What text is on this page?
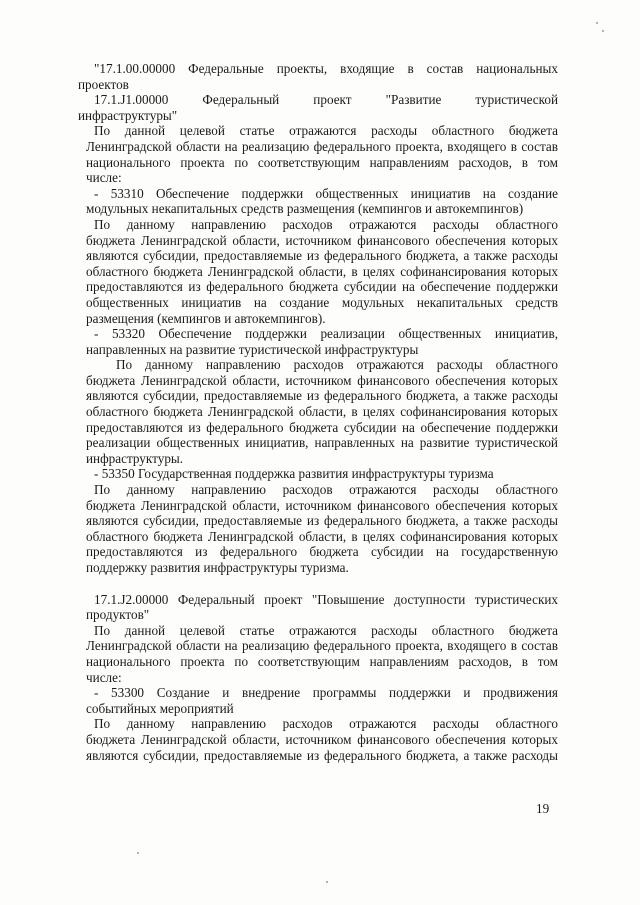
"17.1.00.00000 Федеральные проекты, входящие в состав национальных
проектов
17.1.J1.00000 Федеральный проект "Развитие туристической
инфраструктуры"
По данной целевой статье отражаются расходы областного бюджета
Ленинградской области на реализацию федерального проекта, входящего в состав
национального проекта по соответствующим направлениям расходов, в том
числе:
- 53310 Обеспечение поддержки общественных инициатив на создание
модульных некапитальных средств размещения (кемпингов и автокемпингов)
По данному направлению расходов отражаются расходы областного
бюджета Ленинградской области, источником финансового обеспечения которых
являются субсидии, предоставляемые из федерального бюджета, а также расходы
областного бюджета Ленинградской области, в целях софинансирования которых
предоставляются из федерального бюджета субсидии на обеспечение поддержки
общественных инициатив на создание модульных некапитальных средств
размещения (кемпингов и автокемпингов).
- 53320 Обеспечение поддержки реализации общественных инициатив,
направленных на развитие туристической инфраструктуры
По данному направлению расходов отражаются расходы областного
бюджета Ленинградской области, источником финансового обеспечения которых
являются субсидии, предоставляемые из федерального бюджета, а также расходы
областного бюджета Ленинградской области, в целях софинансирования которых
предоставляются из федерального бюджета субсидии на обеспечение поддержки
реализации общественных инициатив, направленных на развитие туристической
инфраструктуры.
- 53350 Государственная поддержка развития инфраструктуры туризма
По данному направлению расходов отражаются расходы областного
бюджета Ленинградской области, источником финансового обеспечения которых
являются субсидии, предоставляемые из федерального бюджета, а также расходы
областного бюджета Ленинградской области, в целях софинансирования которых
предоставляются из федерального бюджета субсидии на государственную
поддержку развития инфраструктуры туризма.
17.1.J2.00000 Федеральный проект "Повышение доступности туристических
продуктов"
По данной целевой статье отражаются расходы областного бюджета
Ленинградской области на реализацию федерального проекта, входящего в состав
национального проекта по соответствующим направлениям расходов, в том
числе:
- 53300 Создание и внедрение программы поддержки и продвижения
событийных мероприятий
По данному направлению расходов отражаются расходы областного
бюджета Ленинградской области, источником финансового обеспечения которых
являются субсидии, предоставляемые из федерального бюджета, а также расходы
19
